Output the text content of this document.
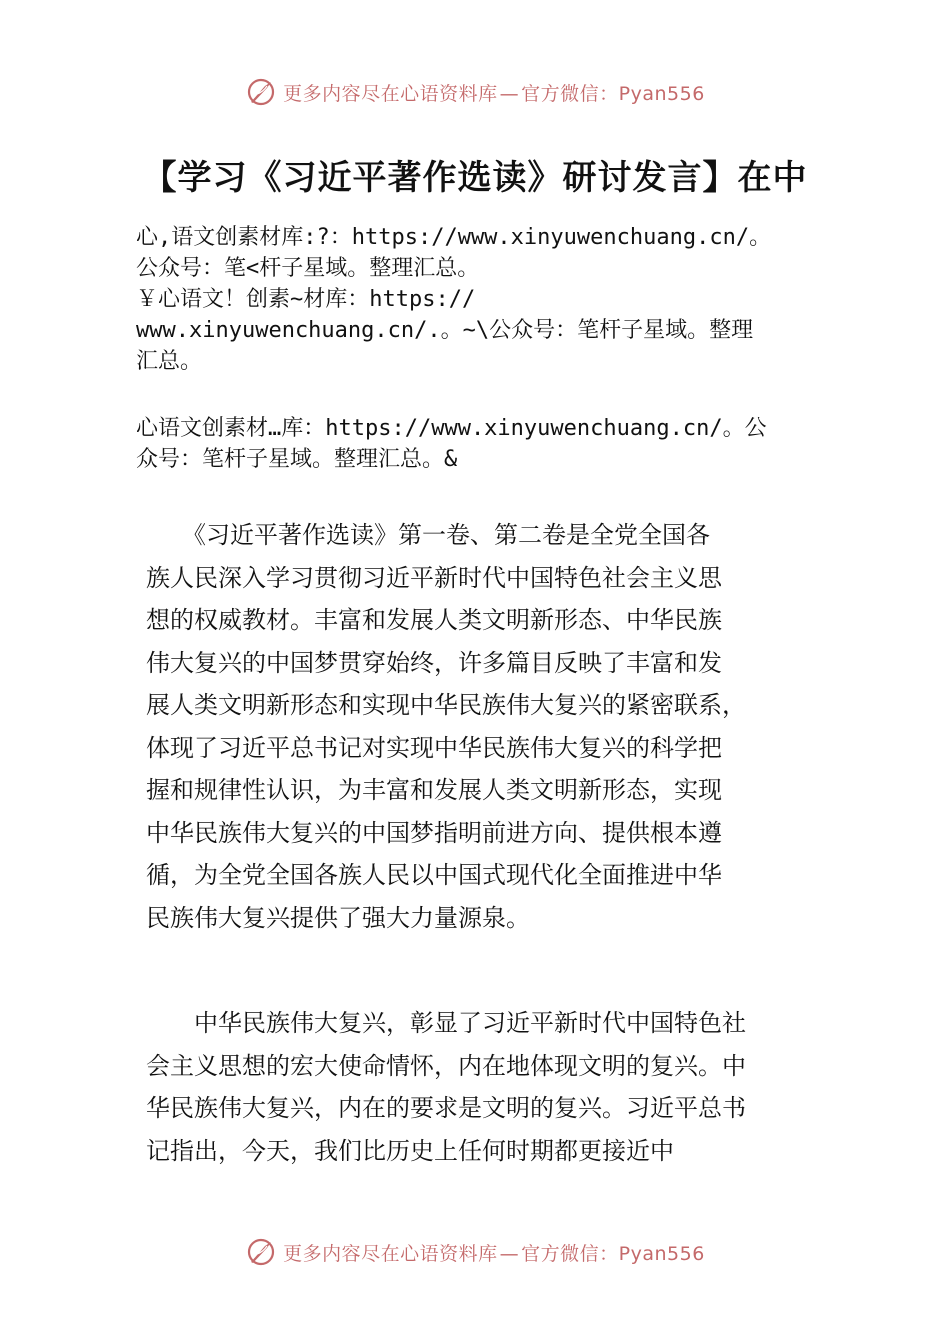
更多内容尽在心语资料库 — 官方微信：Pyan556
【学习《习近平著作选读》研讨发言】在中
心,语文创素材库:?：https://www.xinyuwenchuang.cn/。
公众号：笔<杆子星域。整理汇总。
￥心语文！创素~材库：https://
www.xinyuwenchuang.cn/.。~\公众号：笔杆子星域。整理
汇总。
心语文创素材…库：https://www.xinyuwenchuang.cn/。公
众号：笔杆子星域。整理汇总。&
　　《习近平著作选读》第一卷、第二卷是全党全国各
族人民深入学习贯彻习近平新时代中国特色社会主义思
想的权威教材。丰富和发展人类文明新形态、中华民族
伟大复兴的中国梦贯穿始终，许多篇目反映了丰富和发
展人类文明新形态和实现中华民族伟大复兴的紧密联系，
体现了习近平总书记对实现中华民族伟大复兴的科学把
握和规律性认识，为丰富和发展人类文明新形态，实现
中华民族伟大复兴的中国梦指明前进方向、提供根本遵
循，为全党全国各族人民以中国式现代化全面推进中华
民族伟大复兴提供了强大力量源泉。
　　中华民族伟大复兴，彰显了习近平新时代中国特色社
会主义思想的宏大使命情怀，内在地体现文明的复兴。中
华民族伟大复兴，内在的要求是文明的复兴。习近平总书
记指出，今天，我们比历史上任何时期都更接近中
更多内容尽在心语资料库 — 官方微信：Pyan556
